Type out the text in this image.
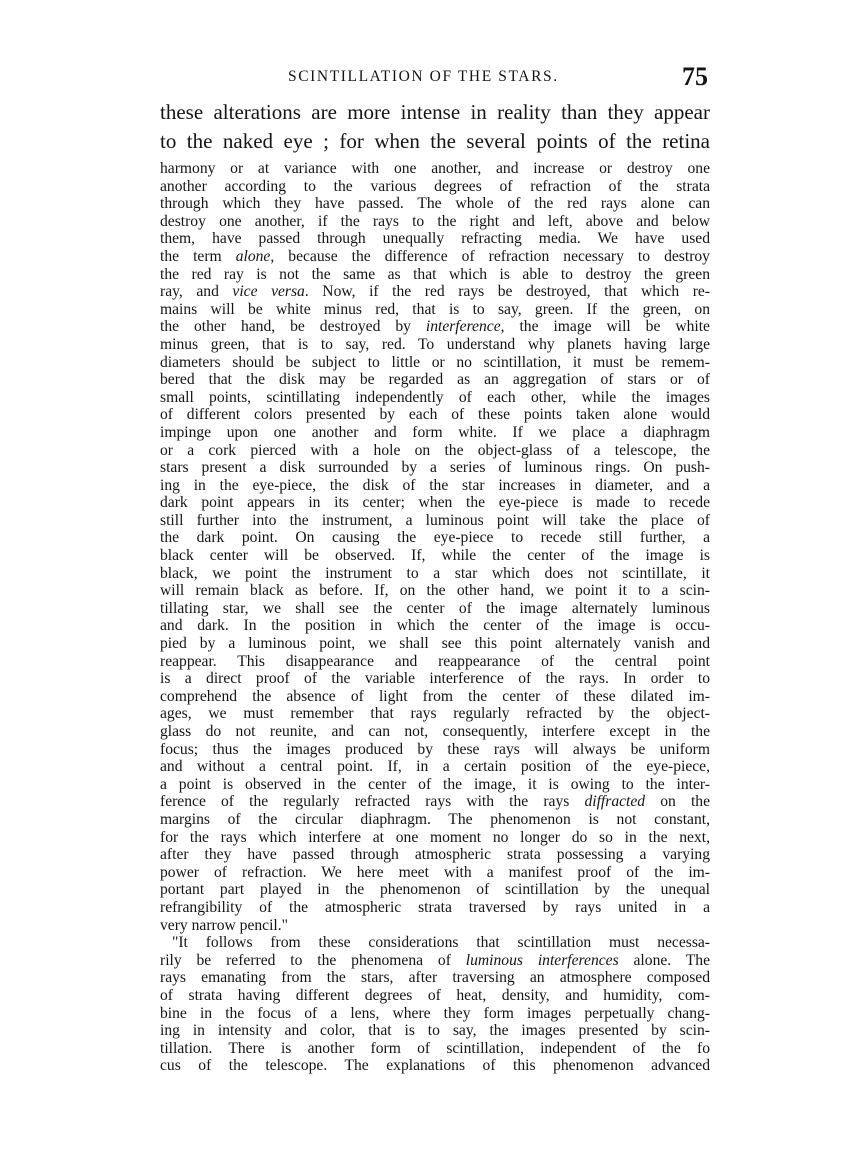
SCINTILLATION OF THE STARS.	75
these alterations are more intense in reality than they appear
to the naked eye ; for when the several points of the retina
harmony or at variance with one another, and increase or destroy one
another according to the various degrees of refraction of the strata
through which they have passed. The whole of the red rays alone can
destroy one another, if the rays to the right and left, above and below
them, have passed through unequally refracting media. We have used
the term alone, because the difference of refraction necessary to destroy
the red ray is not the same as that which is able to destroy the green
ray, and vice versa. Now, if the red rays be destroyed, that which re-
mains will be white minus red, that is to say, green. If the green, on
the other hand, be destroyed by interference, the image will be white
minus green, that is to say, red. To understand why planets having large
diameters should be subject to little or no scintillation, it must be remem-
bered that the disk may be regarded as an aggregation of stars or of
small points, scintillating independently of each other, while the images
of different colors presented by each of these points taken alone would
impinge upon one another and form white. If we place a diaphragm
or a cork pierced with a hole on the object-glass of a telescope, the
stars present a disk surrounded by a series of luminous rings. On push-
ing in the eye-piece, the disk of the star increases in diameter, and a
dark point appears in its center; when the eye-piece is made to recede
still further into the instrument, a luminous point will take the place of
the dark point. On causing the eye-piece to recede still further, a
black center will be observed. If, while the center of the image is
black, we point the instrument to a star which does not scintillate, it
will remain black as before. If, on the other hand, we point it to a scin-
tillating star, we shall see the center of the image alternately luminous
and dark. In the position in which the center of the image is occu-
pied by a luminous point, we shall see this point alternately vanish and
reappear. This disappearance and reappearance of the central point
is a direct proof of the variable interference of the rays. In order to
comprehend the absence of light from the center of these dilated im-
ages, we must remember that rays regularly refracted by the object-
glass do not reunite, and can not, consequently, interfere except in the
focus; thus the images produced by these rays will always be uniform
and without a central point. If, in a certain position of the eye-piece,
a point is observed in the center of the image, it is owing to the inter-
ference of the regularly refracted rays with the rays diffracted on the
margins of the circular diaphragm. The phenomenon is not constant,
for the rays which interfere at one moment no longer do so in the next,
after they have passed through atmospheric strata possessing a varying
power of refraction. We here meet with a manifest proof of the im-
portant part played in the phenomenon of scintillation by the unequal
refrangibility of the atmospheric strata traversed by rays united in a
very narrow pencil."
"It follows from these considerations that scintillation must necessa-
rily be referred to the phenomena of luminous interferences alone. The
rays emanating from the stars, after traversing an atmosphere composed
of strata having different degrees of heat, density, and humidity, com-
bine in the focus of a lens, where they form images perpetually chang-
ing in intensity and color, that is to say, the images presented by scin-
tillation. There is another form of scintillation, independent of the fo
cus of the telescope. The explanations of this phenomenon advanced
